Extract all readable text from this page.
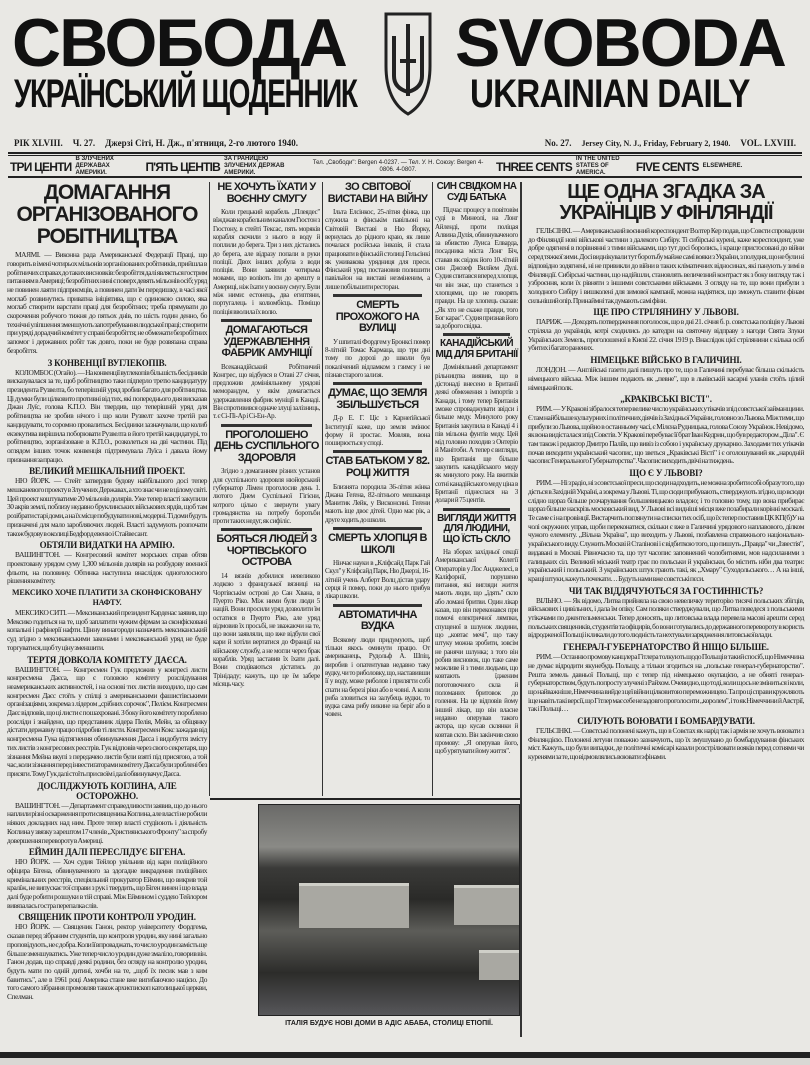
СВОБОДА SVOBODA
УКРАЇНСЬКИЙ ЩОДЕННИК	UKRAINIAN DAILY
РІК XLVIII. Ч. 27. Джерзі Сіті, Н. Дж., п'ятниця, 2-го лютого 1940.	No. 27. Jersey City, N. J., Friday, February 2, 1940. VOL. LXVIII.
ТРИ ЦЕНТИ
В ЗЛУЧЕНИХ ДЕРЖАВАХ АМЕРИКИ.	П'ЯТЬ ЦЕНТІВ
ЗА ГРАНИЦЕЮ ЗЛУЧЕНИХ ДЕРЖАВ АМЕРИКИ.
Тел. „Свободи": Bergen 4-0237. — Тел. У. Н. Союзу: Bergen 4-0806. 4-0807.	THREE CENTS
IN THE UNITED STATES OF AMERICA.	FIVE CENTS ELSEWHERE.
ДОМАГАННЯ ОРГАНІЗОВАНОГО РОБІТНИЦТВА

МАЯМІ. — Виконна рада Американської Федерації Праці, що говорить в імені чотирьох мільонів зорганізованих робітників, прийшла в робітничих справах до таких висновків: безробіття далі являється гострим питанням в Америці; безробітних нині є поверх девять мільонів осіб; уряд не повинен лаяти підприємців, а повинен дати їм передишку, в часі якої моглаб розвинутись приватна ініціятива, що є одинокою силою, яка моглаб створити варстати праці для безробітних; треба прямувати до скорочення робучого тижня до пятьох днів, по шість годин денно, бо технічні уліпшення зменшують запотребування людської праці; створити при уряді дорадчий комітет у справі безробіття; не обмежати безробітних запомог і державних робіт так довго, поки не буде розвязана справа безробіття.

З КОНВЕНЦІЇ ВУГЛЕКОПІВ.

КОЛОМБОС (Огайо). — На конвенції вуглекопів більшість бесідників висказувалася за те, щоб робітництво таки підперло третю кандидатуру президента Рузвелта, бо теперішній уряд зробив багато для робітництва. Ці думки були цілковито противні від тих, які попереднього дня висказав Джан Луїс, голова К.П.О. Він твердив, що теперішній уряд для робітництва не зробив нічого і що коли Рузвелт захоче третій раз кандидувати, то соромно провалиться. Бесідники зазначували, що колиб екзекутива вирішила поборювати Рузвелта в його третій кандидатурі, то робітництво, зорганізоване в К.П.О., розколеться на дві частини. Під оглядом інших точок конвенція підтримувала Луїса і давала йому признання за працю.

ВЕЛИКИЙ МЕШКАЛЬНИЙ ПРОЕКТ.

НЮ ЙОРК. — Стейт затвердив будову найбільшого досі тепер мешканевого проекту в Злучених Державах, а хто знає чи не в цілому світі. Цей проект коштуватиме 20 мільонів долярів. Уже тепер власті закупили 30 акрів землі, поблизу недавно бруклинських військових ярдів, щоб там розібрати старі доми, а на їх місце побудувати нові, модерні. Ті доми будуть призначені для мало заробляючих людей. Власті задумують розпочати також будову в околиці Бедфорд евеню і Стайвесант.

ОБТЯЛИ ВИДАТКИ НА АРМІЮ.

ВАШИНГТОН. — Конгресовий комітет морських справ обтяв проектовану урядом суму 1,300 мільонів долярів на розбудову военної фльоти, на половину. Обтинка наступила внаслідок одноголосного рішення комітету.

МЕКСИКО ХОЧЕ ПЛАТИТИ ЗА СКОНФІСКОВАНУ НАФТУ.

МЕКСИКО СИТІ. — Мексиканський президент Карденас заявив, що Мексико годиться на те, щоб заплатити чужим фірмам за сконфісковані копальні і рафінерії нафти. Цінну винагороди назначить мексиканський суд згідно з мексиканськими законами і мексиканський уряд не буде торгуватися, щоб ту ціну зменшити.

ТЕРТЯ ДОВКОЛА КОМІТЕТУ ДАЄСА.

ВАШИНГТОН. — Конгресмен Гук предложив у конгресі листи конгресмена Даєса, що є головою комітету розслідування неамериканських активностей, і на основі тих листів виходило, що сам конгресмен Даєс стоїть у спілці з американськими фашистівськими організаціями, зокрема з лідером „срібних сорочок", Пелієм. Конгресмен Даєс відповів, що ці листи є пошахровані. З боку його комітету пороблено розсліди і знайдено, що представник лідера Пелія, Мейн, за обіцянку дістати державну працю підробив ті листи. Конгресмен Кокс зажадав від конгресмена Гука відтягнення обвинувачення Даєса і видобуття змісту тих листів з конгресових реєстрів. Гук відповів через свого секретаря, що зізнання Мейна вкупі з передачею листів були взяті під присягою, а той час, коли зізнання перед інвестиґаторами комітету Даєса були зроблені без присяги. Тому Гук далі стоїть при своїм і далі обвинувачує Даєса.

ДОСЛІДЖУЮТЬ КОГЛИНА, АЛЕ ОСТОРОЖНО.

ВАШИНГТОН. — Департамент справедливости заявив, що до нього наплили різні оскарження проти священика Коглина, але власті не робили ніяких докладних над ним. Проте тепер власті студіюють і діяльність Коглина у звязку з арештом 17 членів „Християнського Фронту" за спробу довершення перевороту в Америці.

ЕЙМИН ДАЛІ ПЕРЕСЛІДУЄ БІГЕНА.

НЮ ЙОРК. — Хоч судия Тейлор увільнив від кари поліційного офіцира Бігена, обвинуваченого за здогадне викрадення поліційних кримінальних реєстрів, спеціяльний прокуратор Еймин, що викрив той кралїж, не випускає тої справи з рук і твердить, що Біген винен і що влада далі буде робити розшуки в тій справі. Між Еймином і суддею Тейлором вивязалась гостра перепалка слів.

СВЯЩЕНИК ПРОТИ КОНТРОЛІ УРОДИН.

НЮ ЙОРК. — Священик Ганон, ректор університету Фордгема, сказав перед зібраним студентів, що контроля уродин, яку нині загально проповідують, не є добра. Коли її впроваджать, то число уродин замість ще більше зменшуватись. Уже тепер число уродин дуже змаліло, говорив він. Ганон додав, що справді деякі родини, без огляду на контролю уродин, будуть мати по одній дитині, хочби на те, „щоб їх песик мав з ким бавитись", але в 1961 році Америка стане вже вигибаючою нацією. До того самого зібрання промовляв також архиєпископ католицької церкви, Спелман.

НЕ ХОЧУТЬ ЇХАТИ У ВОЄННУ СМУГУ

Коли грецький корабель „Плеядес" вїжджав корабельним каналом Гюстон з Гюстону, в стейті Тексас, пять моряків корабля скочили з нього в воду й поплили до берега. Три з них дістались до берега, але відразу попали в руки поліції. Двох інших добула з води поліція. Вони заявили чотирьма мовами, що воліють іти до арешту в Америці, ніж їхати у воєнну смугу. Були між ними: естонець, два египтяни, португалець і колюмбієць. Поміщо поліція вволила їх волю.

ДОМАГАЮТЬСЯ УДЕРЖАВЛЕННЯ ФАБРИК АМУНІЦІЇ

Всеканадійський Робітничий Конгрес, що відбувся в Отаві 27 січня, предложив домініяльному урядові меморандум, у якім домагається удержавлення фабрик муніції в Канаді. Він спротивився одначе злуці залізниць, т. є Сі-Пі-Ар і Сі-Ен-Ар.

ПРОГОЛОШЕНО ДЕНЬ СУСПІЛЬНОГО ЗДОРОВЛЯ

Згідно з домаганням різних установ для суспільного здоровля нюйорський губернатор Лімен проголосив день 1. лютого Днем Суспільної Гігієни, котрого цілью є звернути увагу громадянства на потребу боротьби проти таких недуг, як сифіліс.

БОЯТЬСЯ ЛЮДЕЙ З ЧОРТІВСЬКОГО ОСТРОВА

14 вязнів добилися невеликою лодкою з французької вязниці на Чортівськім острові до Сан Хвана, в Пуерто Ріко. Між ними були люди 5 націй. Вони просили уряд дозволити їм остатися в Пуерто Ріко, але уряд відмовив їх просьбі, не зважаючи на те, що вони заявляли, що вже відбули свої кари й хотіли вертатися до Франції на військову службу, а не могли через брак кораблів. Уряд заставив їх їхати далі. Вони сподіваються дістатись до Трінідаду; кажуть, що це їм заберe місяць часу.

ЗО СВІТОВОЇ ВИСТАВИ НА ВІЙНУ

Ільта Елсінкос, 25-літня фінка, що служила в фінськім павільоні на Світовій Виставі в Ню Йорку, вернулась до рідного краю, як лише почалася російська інвазія, й стала працювати в фінській столиці Гельсінкі як уживакова урядниця для преси. Фінський уряд постановив полишити павільйон на виставі незміненим, а лише побільшити ресторан.

СМЕРТЬ ПРОХОЖОГО НА ВУЛИЦІ

У шпиталі Фордгем у Бронксі помер 8-літній Томас Кармаца, що три дні тому по дорозі до школи був покалічений відламком з гзимсу і не пізнав старого зализя.

ДУМАЄ, ЩО ЗЕМЛЯ ЗБІЛЬШУЄТЬСЯ

Д-р Е. Г. Ціс з Карнеґійської Інституції каже, що земля змінює форму й зростає. Мовляв, вона поширюється у споді.

СТАВ БАТЬКОМ У 82. РОЦІ ЖИТТЯ

Близнята породила 36-літня жінка Джана Геґена, 82-літнього мешканця Манитик Лейк, у Висконсині. Геґени мають іще двоє дітей. Одно має рік, а друге ходить до школи.

СМЕРТЬ ХЛОПЦЯ В ШКОЛІ

Нінчає науки в „Кліфсайд Парк Гай Скул" у Кліфсайд Парк, Ню Джерзі, 16-літній учень Алберт Волц дістав удару серця й помер, поки до нього прибув лікар школи.

АВТОМАТИЧНА ВУДКА

Всякому люди придумують, щоб тільки якось оминути працю. От американець, Рудольф А. Шпіц, виробив і опатентував недавно таку вудку, чи то риболовку, що, наставивши її у воду, може риболов і прилягти собі спати на березі ріки або в човні. А коли риба зловиться на залубець вудки, то вудка сама рибу викине на беріг або в човен.

СИН СВІДКОМ НА СУДІ БАТЬКА

Підчас процесу в повітовім суді в Минеолі, на Лонг Айленді, проти поліцая Алвина Дулія, обвинуваченого за вбивство Луиса Елварда, посадника міста Лонг Біч, ставав як свідок його 10-літній син Джозеф Вилйем Дулі. Судия спитався вперед хлопця, чи він знає, що станеться з хлопцями, що не говорять правди. На це хлопець сказав: „Як хто не скаже правди, того Бог карає". Судия признав його за доброго свідка.

КАНАДІЙСЬКИЙ МІД ДЛЯ БРИТАНІЇ

Домініяльний департамент рільництва виявив, що в дістонаді внесено в Британії деякі обмеження з імпортів з Канади, і тому тепер Британія зможе спроваджувати звідси і більше меду. Минулого року Британія закупила в Канаді 4 і пів мільона фунтів меду. Цей мід головно походив з Онтеріо й Манітоби. А тепер є вигляди, що Британія ще більше закупить канадійського меду як минулого року. На вжитків сотні канадійського меду ціна в Британії піднеслася на 3 долари й 75 центів.

ВИГЛЯДИ ЖИТТЯ ДЛЯ ЛЮДИНИ, ЩО ЇСТЬ СКЛО

На зборах західньої секції Американської Колегії Операторів у Лос Анджелесі, в Каліфорнії, порушено питання, які вигляди життя мають люди, що „їдять" скло або ломані бритви. Один лікар казав, що він переконався при помочі електричної лямпки, спущеної в шлунок людини, що „ковтає мечі", що таку штуку можна зробити, зовсім не ранячи шлунка; з того він робив висновок, що таке саме можливе й з тими людьми, що ковтають їдженим поготовочного скла й поломаних бритовок до голення. На це відповів йому інший лікар, що він власне недавно оперував такого актора, що кусав склянки й ковтав скло. Він закінчив свою промову: „Я оперував його, щоб урятувати йому життя".

ЩЕ ОДНА ЗГАДКА ЗА УКРАЇНЦІВ У ФІНЛЯНДІЇ

ГЕЛЬСІНКІ. — Американський воєнний кореспондент Волтер Кер подав, що Совєти спровадили до Фінляндії нові військові частини з далекого Сибіру. Ті сибірські курені, каже кореспондент, уже добре одягнені в порівнянні з тими військами, що тут досі боролись, і краще пристосовані до війни серед тяжкої зими. Досі виднікували тут боротьбу майже самі вояки з України, з полудня, що не були ні відповідно зодягнені, ні не привикли до війни в таких кліматичних відносинах, які панують у зимі в Фінляндії. Сибірські частини, що надійшли, становлять величезний контраст як з боку вигляду так і узброєння, коли їх рівняти з іншими совєтськими військами. З огляду на те, що вони прибули з холодного Сибіру і вишколені для зимової кампанії, можна надіятися, що зможуть ставити фінам сильніший опір. Принаймні так думають самі фіни.

ЩЕ ПРО СТРІЛЯНИНУ У ЛЬВОВІ.

ПАРИЖ. — Доходять потвердження поголосок, що в дні 21. січня б. р. совєтська поліція у Львові стріляла до українців, котрі сходились до катедри на святочну відправу з нагоди Свята Злуки Українських Земель, проголошеної в Києві 22. січня 1919 р. Внаслідок цієї стрілянини є кілька осіб убитих і багато ранених.

НІМЕЦЬКЕ ВІЙСЬКО В ГАЛИЧИНІ.

ЛОНДОН. — Англійські газети далі пишуть про те, що в Галичині перебуває більша скількість німецького війська. Між іншим подають як „певне", що в львівській касарні уланів стоїть цілий німецький полк.

„КРАКІВСЬКІ ВІСТІ".

РИМ. — У Кракові зібралося тепер велике число українських утікачів зпід совєтської займанщини. Є там найбільше культурних і політичних діячів із Західньої України, головно зо Львова. Між тими, що прибули зо Львова, щойно в останньому часі, є Мілєна Рудницька, голова Союзу Українок. Невідомо, як вона видісталася зпід Совєтів. У Кракові перебуває її брат Іван Кедрин, що був редактором „Діла". Є там також і редактор Дмитро Паліїв, що вивіз із собою і українську друкарню. Заходами тих утікачів почав виходити український часопис, що зветься „Краківські Вісті" і є оголошуваний як „народній часопис Генерального Губернаторства". Часопис виходить двічі на тиждень.

ЩО Є У ЛЬВОВІ?

РИМ. — Ні з радіо, ні з совєтської преси, що сюди надходить, не можна зробити собі образу того, що діється в Західній Україні, а зокрема у Львові. Ті, що сюди прибувають, стверджують згідно, що всюди слідно щораз більше розчарування большевицькою владою; і то головно тому, що вона прибирає щораз більше наскрізь московський вид. У Львові всі видніші місця вже позабирали корінні москалі. Те саме є і на провінції. Вистарчить поглянути на списки тих осіб, що їх тепер поставив ЦК КП(б)У на чолі окружних управ, щоби переконатися, скільки є вже в Галичині урядового наплавового, ділком чужого елементу. „Вільна Україна", що виходить у Львові, позбавлена справжнього національно-українського виду. Служить Москві й Сталінові і є відбиткою того, що пишуть „Правда" чи „Ізвестія", видавані в Москві. Рівночасно та, що тут часопис заповнений чолобитнями, мов надсиланими з галицьких сіл. Великий міський театр грає по польськи й українськи, бо містить ніби два театри: український і польський. З українських штук грають такі, як „Хмару" Суходольського… А на інші, кращі штуки, кажуть почекати… Будуть нами вже совєтські пєси.

ЧИ ТАК ВІДДЯЧУЮТЬСЯ ЗА ГОСТИННІСТЬ?

ВІЛЬНО. — Як відомо, Литва прийняла на свою невеличку територію тисячі польських збігців, військових і цивільних, і дала їм опіку. Сам поляки стверджували, що Литва поведеся з польськими утікачами по джентельменськи. Тепер доносять, що литовська влада перевела масові арешти серед польських священиків, студентів та офіцирів, бо вони готувались до державного перевороту в користь відродженої Польщі і кликали до того людність та нехтували зарядження литовської влади.

ГЕНЕРАЛ-ГУБЕРНАТОРСТВО Й НІЩО БІЛЬШЕ.

РИМ. — Останню промову канцлера Гітлера толкують щодо Польщі в такий спосіб, що Німеччина не думає відродити якунебудь Польщу, а тільки згодиться на „польське генерал-губернаторство". Решта земель давньої Польщі, що є тепер під німецькою окупацією, а не обняті генерал-губернаторством, будуть попросту злучені з Райхом. Очевидно, що тоді, коли щось не зміниться і коли, що найважніше, Німеччина вийде з цеї війни цілковитою переможницею. Та про ці справи кружляють іще навіть такі версії, що Гітлер має себе незадовго проголосити „королем", і то як Німеччини й Австрії, так і Польщі…

СИЛУЮТЬ ВОЮВАТИ І БОМБАРДУВАТИ.

ГЕЛЬСІНКІ. — Совєтські полонені кажуть, що в Совєтах як нарід так і армія не хочуть воювати з Фінляндією. Полонені летуни поважно зазначують, що їх змушувано до бомбардування фінських міст. Кажуть, що були випадки, де політичні комісарі казали розстрілювати вояків перед сотнями чи куренями за те, що відмовлялись воювати з фінами.

ІТАЛІЯ БУДУЄ НОВІ ДОМИ В АДІС АБАБА, СТОЛИЦІ ЕТІОПІЇ.
